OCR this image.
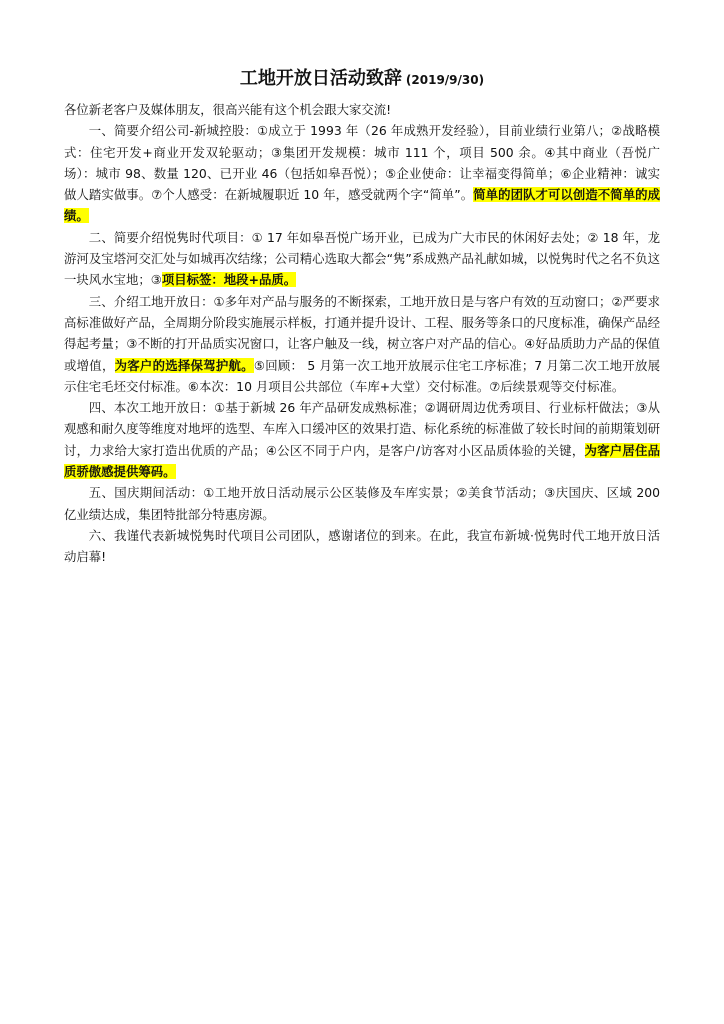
工地开放日活动致辞 (2019/9/30)

各位新老客户及媒体朋友，很高兴能有这个机会跟大家交流!

一、简要介绍公司-新城控股：①成立于 1993 年（26 年成熟开发经验），目前业绩行业第八；②战略模式：住宅开发+商业开发双轮驱动；③集团开发规模：城市 111 个，项目 500 余。④其中商业（吾悦广场）：城市 98、数量 120、已开业 46（包括如皋吾悦）；⑤企业使命：让幸福变得简单；⑥企业精神：诚实做人踏实做事。⑦个人感受：在新城履职近 10 年，感受就两个字“简单”。简单的团队才可以创造不简单的成绩。

二、简要介绍悦隽时代项目：① 17 年如皋吾悦广场开业，已成为广大市民的休闲好去处；② 18 年，龙游河及宝塔河交汇处与如城再次结缘；公司精心选取大都会“隽”系成熟产品礼献如城，以悦隽时代之名不负这一块风水宝地；③项目标签：地段+品质。

三、介绍工地开放日：①多年对产品与服务的不断探索，工地开放日是与客户有效的互动窗口；②严要求高标准做好产品，全周期分阶段实施展示样板，打通并提升设计、工程、服务等条口的尺度标准，确保产品经得起考量；③不断的打开品质实况窗口，让客户触及一线，树立客户对产品的信心。④好品质助力产品的保值或增值，为客户的选择保驾护航。⑤回顾： 5 月第一次工地开放展示住宅工序标准；7 月第二次工地开放展示住宅毛坯交付标准。⑥本次：10 月项目公共部位（车库+大堂）交付标准。⑦后续景观等交付标准。

四、本次工地开放日：①基于新城 26 年产品研发成熟标准；②调研周边优秀项目、行业标杆做法；③从观感和耐久度等维度对地坪的选型、车库入口缓冲区的效果打造、标化系统的标准做了较长时间的前期策划研讨，力求给大家打造出优质的产品；④公区不同于户内，是客户/访客对小区品质体验的关键，为客户居住品质骄傲感提供筹码。

五、国庆期间活动：①工地开放日活动展示公区装修及车库实景；②美食节活动；③庆国庆、区域 200 亿业绩达成，集团特批部分特惠房源。

六、我谨代表新城悦隽时代项目公司团队，感谢诸位的到来。在此，我宣布新城·悦隽时代工地开放日活动启幕!
